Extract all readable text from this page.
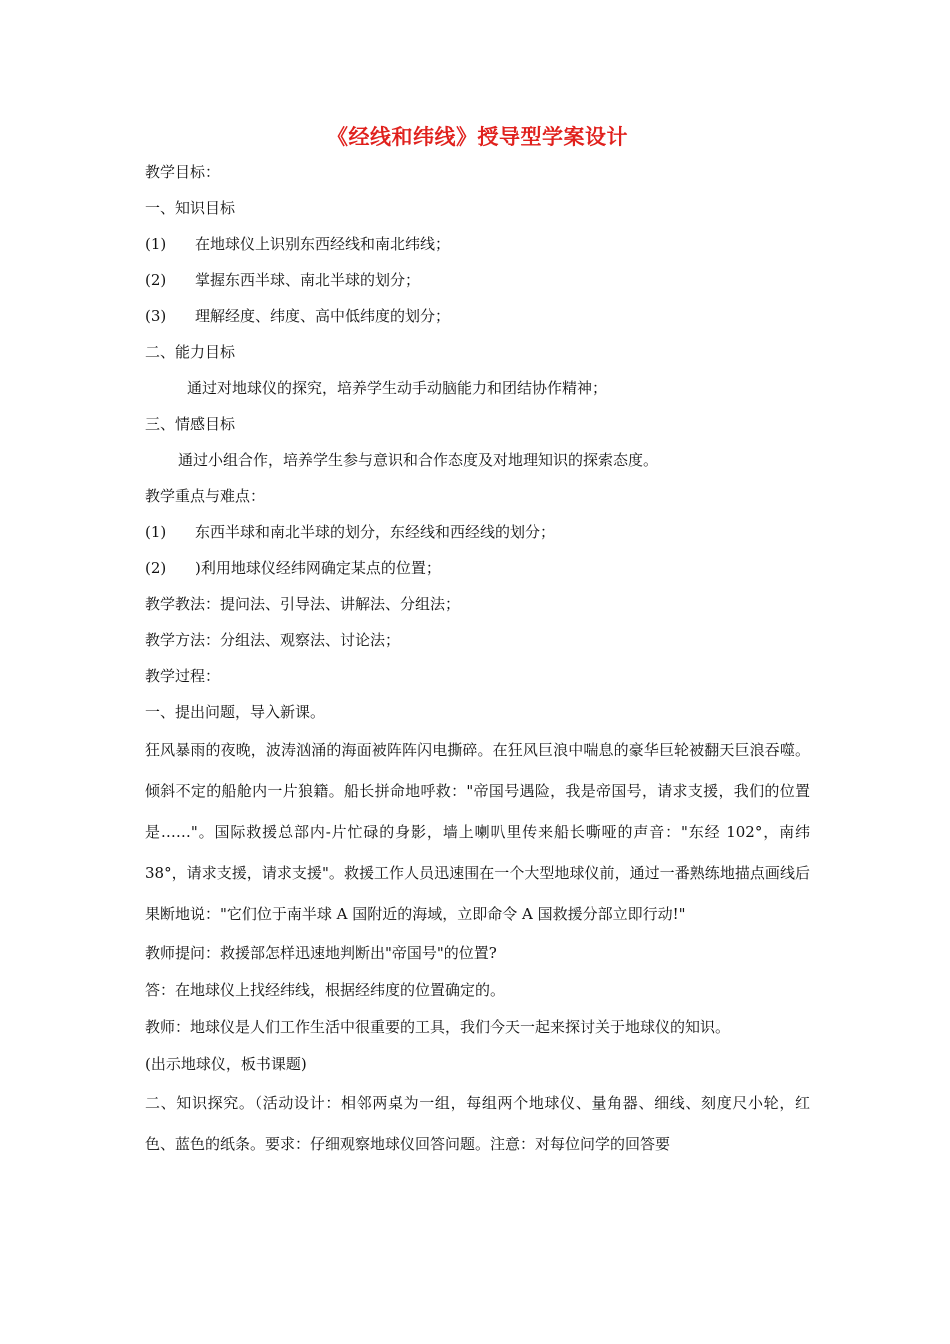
《经线和纬线》授导型学案设计
教学目标：
一、知识目标
(1) 在地球仪上识别东西经线和南北纬线；
(2) 掌握东西半球、南北半球的划分；
(3) 理解经度、纬度、高中低纬度的划分；
二、能力目标
通过对地球仪的探究，培养学生动手动脑能力和团结协作精神；
三、情感目标
通过小组合作，培养学生参与意识和合作态度及对地理知识的探索态度。
教学重点与难点：
(1) 东西半球和南北半球的划分，东经线和西经线的划分；
(2) )利用地球仪经纬网确定某点的位置；
教学教法：提问法、引导法、讲解法、分组法；
教学方法：分组法、观察法、讨论法；
教学过程：
一、提出问题，导入新课。

狂风暴雨的夜晚，波涛汹涌的海面被阵阵闪电撕碎。在狂风巨浪中喘息的豪华巨轮被翻天巨浪吞噬。倾斜不定的船舱内一片狼籍。船长拼命地呼救："帝国号遇险，我是帝国号，请求支援，我们的位置是……"。国际救援总部内-片忙碌的身影，墙上喇叭里传来船长嘶哑的声音："东经 102°，南纬 38°，请求支援，请求支援"。救援工作人员迅速围在一个大型地球仪前，通过一番熟练地描点画线后果断地说："它们位于南半球 A 国附近的海域，立即命令 A 国救援分部立即行动!"

教师提问：救援部怎样迅速地判断出"帝国号"的位置?

答：在地球仪上找经纬线，根据经纬度的位置确定的。

教师：地球仪是人们工作生活中很重要的工具，我们今天一起来探讨关于地球仪的知识。

(出示地球仪，板书课题)

二、知识探究。（活动设计：相邻两桌为一组，每组两个地球仪、量角器、细线、刻度尺小轮，红色、蓝色的纸条。要求：仔细观察地球仪回答问题。注意：对每位问学的回答要
